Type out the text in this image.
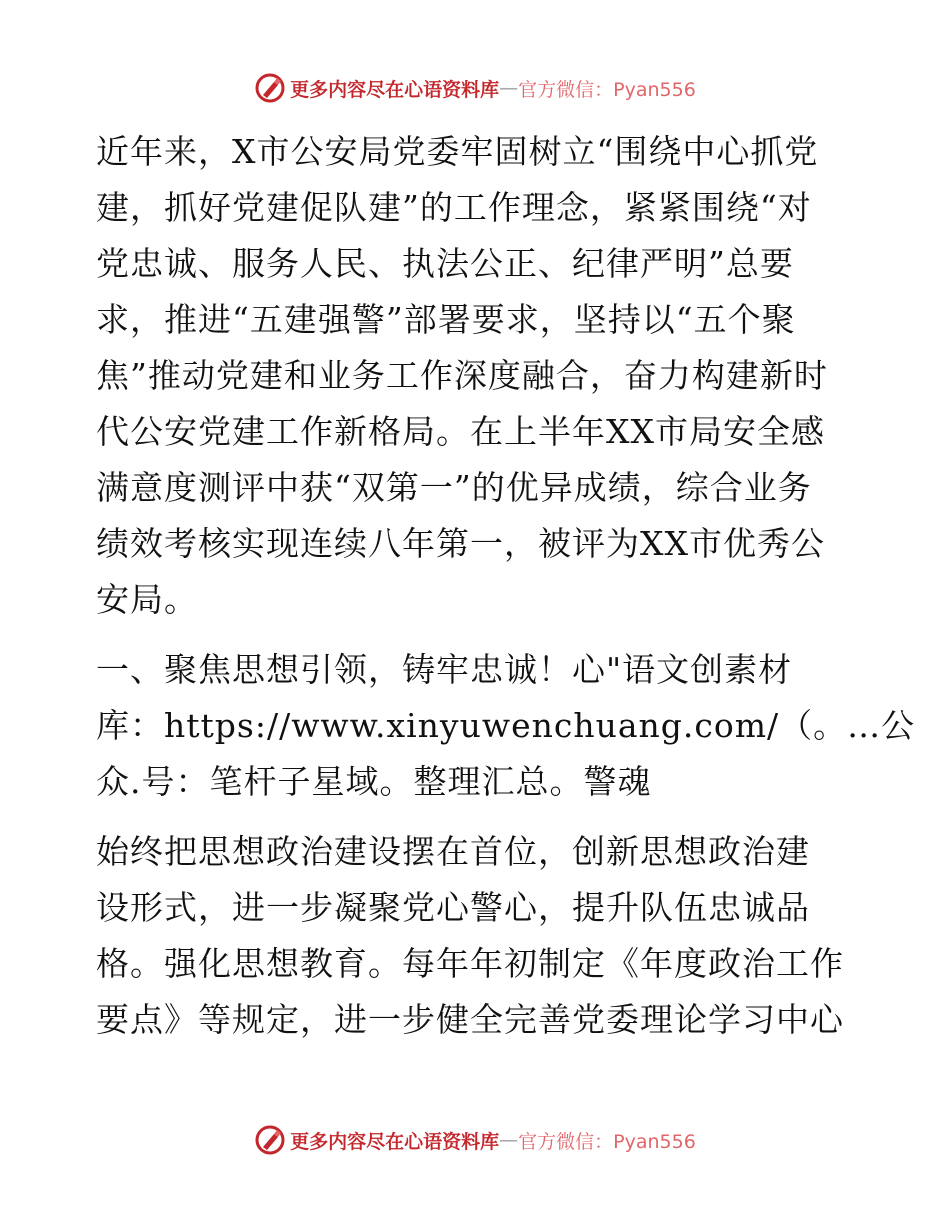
更多内容尽在心语资料库 — 官方微信：Pyan556
近年来，X市公安局党委牢固树立“围绕中心抓党
建，抓好党建促队建”的工作理念，紧紧围绕“对
党忠诚、服务人民、执法公正、纪律严明”总要
求，推进“五建强警”部署要求，坚持以“五个聚
焦”推动党建和业务工作深度融合，奋力构建新时
代公安党建工作新格局。在上半年XX市局安全感
满意度测评中获“双第一”的优异成绩，综合业务
绩效考核实现连续八年第一，被评为XX市优秀公
安局。
一、聚焦思想引领，铸牢忠诚！心"语文创素材
库：https://www.xinyuwenchuang.com/（。…公
众.号：笔杆子星域。整理汇总。警魂
始终把思想政治建设摆在首位，创新思想政治建
设形式，进一步凝聚党心警心，提升队伍忠诚品
格。强化思想教育。每年年初制定《年度政治工作
要点》等规定，进一步健全完善党委理论学习中心
更多内容尽在心语资料库 — 官方微信：Pyan556
